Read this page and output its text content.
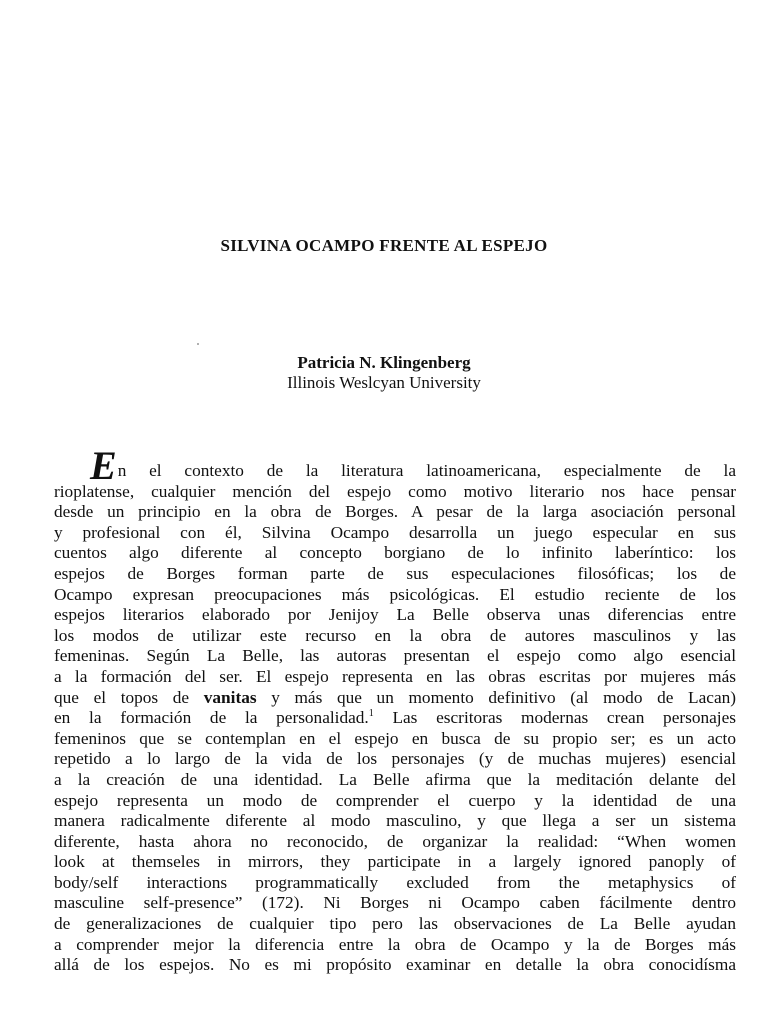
SILVINA OCAMPO FRENTE AL ESPEJO
Patricia N. Klingenberg
Illinois Weslcyan University
En el contexto de la literatura latinoamericana, especialmente de la
rioplatense, cualquier mención del espejo como motivo literario nos hace pensar
desde un principio en la obra de Borges. A pesar de la larga asociación personal
y profesional con él, Silvina Ocampo desarrolla un juego especular en sus
cuentos algo diferente al concepto borgiano de lo infinito laberíntico: los
espejos de Borges forman parte de sus especulaciones filosóficas; los de
Ocampo expresan preocupaciones más psicológicas. El estudio reciente de los
espejos literarios elaborado por Jenijoy La Belle observa unas diferencias entre
los modos de utilizar este recurso en la obra de autores masculinos y las
femeninas. Según La Belle, las autoras presentan el espejo como algo esencial
a la formación del ser. El espejo representa en las obras escritas por mujeres más
que el topos de vanitas y más que un momento definitivo (al modo de Lacan)
en la formación de la personalidad.$^1$ Las escritoras modernas crean personajes
femeninos que se contemplan en el espejo en busca de su propio ser; es un acto
repetido a lo largo de la vida de los personajes (y de muchas mujeres) esencial
a la creación de una identidad. La Belle afirma que la meditación delante del
espejo representa un modo de comprender el cuerpo y la identidad de una
manera radicalmente diferente al modo masculino, y que llega a ser un sistema
diferente, hasta ahora no reconocido, de organizar la realidad: “When women
look at themseles in mirrors, they participate in a largely ignored panoply of
body/self interactions programmatically excluded from the metaphysics of
masculine self-presence” (172). Ni Borges ni Ocampo caben fácilmente dentro
de generalizaciones de cualquier tipo pero las observaciones de La Belle ayudan
a comprender mejor la diferencia entre la obra de Ocampo y la de Borges más
allá de los espejos. No es mi propósito examinar en detalle la obra conocidísma
